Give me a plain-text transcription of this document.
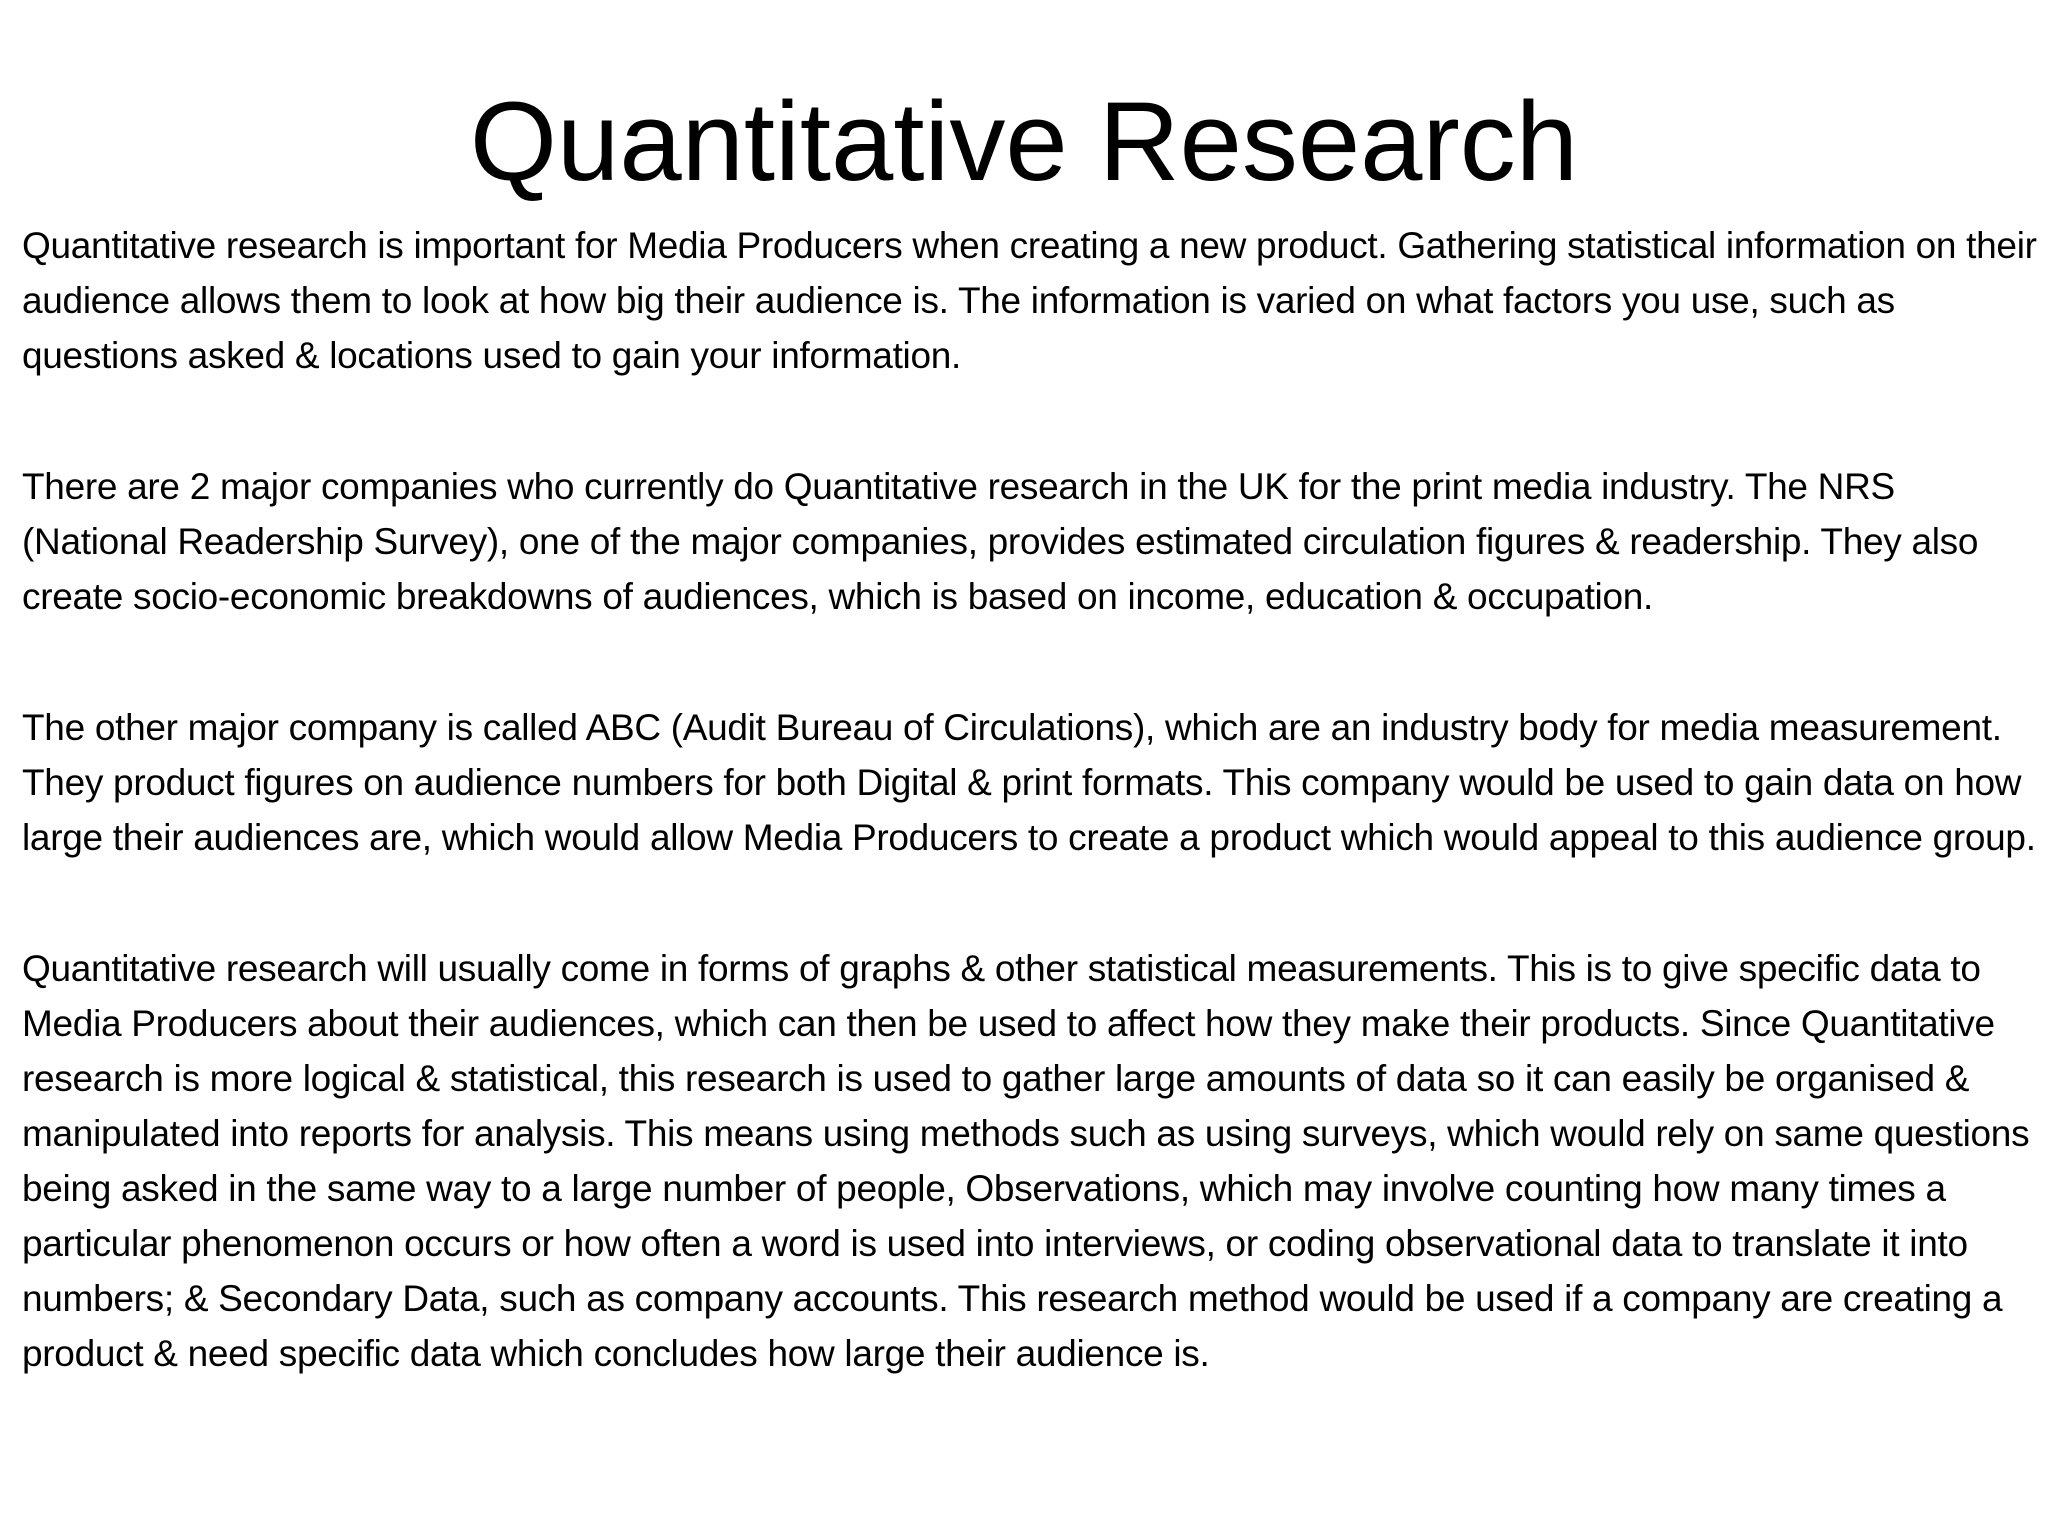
Quantitative Research

Quantitative research is important for Media Producers when creating a new product. Gathering statistical information on their audience allows them to look at how big their audience is. The information is varied on what factors you use, such as questions asked & locations used to gain your information.

There are 2 major companies who currently do Quantitative research in the UK for the print media industry. The NRS (National Readership Survey), one of the major companies, provides estimated circulation figures & readership. They also create socio-economic breakdowns of audiences, which is based on income, education & occupation.

The other major company is called ABC (Audit Bureau of Circulations), which are an industry body for media measurement. They product figures on audience numbers for both Digital & print formats. This company would be used to gain data on how large their audiences are, which would allow Media Producers to create a product which would appeal to this audience group.

Quantitative research will usually come in forms of graphs & other statistical measurements. This is to give specific data to Media Producers about their audiences, which can then be used to affect how they make their products. Since Quantitative research is more logical & statistical, this research is used to gather large amounts of data so it can easily be organised & manipulated into reports for analysis. This means using methods such as using surveys, which would rely on same questions being asked in the same way to a large number of people, Observations, which may involve counting how many times a particular phenomenon occurs or how often a word is used into interviews, or coding observational data to translate it into numbers; & Secondary Data, such as company accounts. This research method would be used if a company are creating a product & need specific data which concludes how large their audience is.
